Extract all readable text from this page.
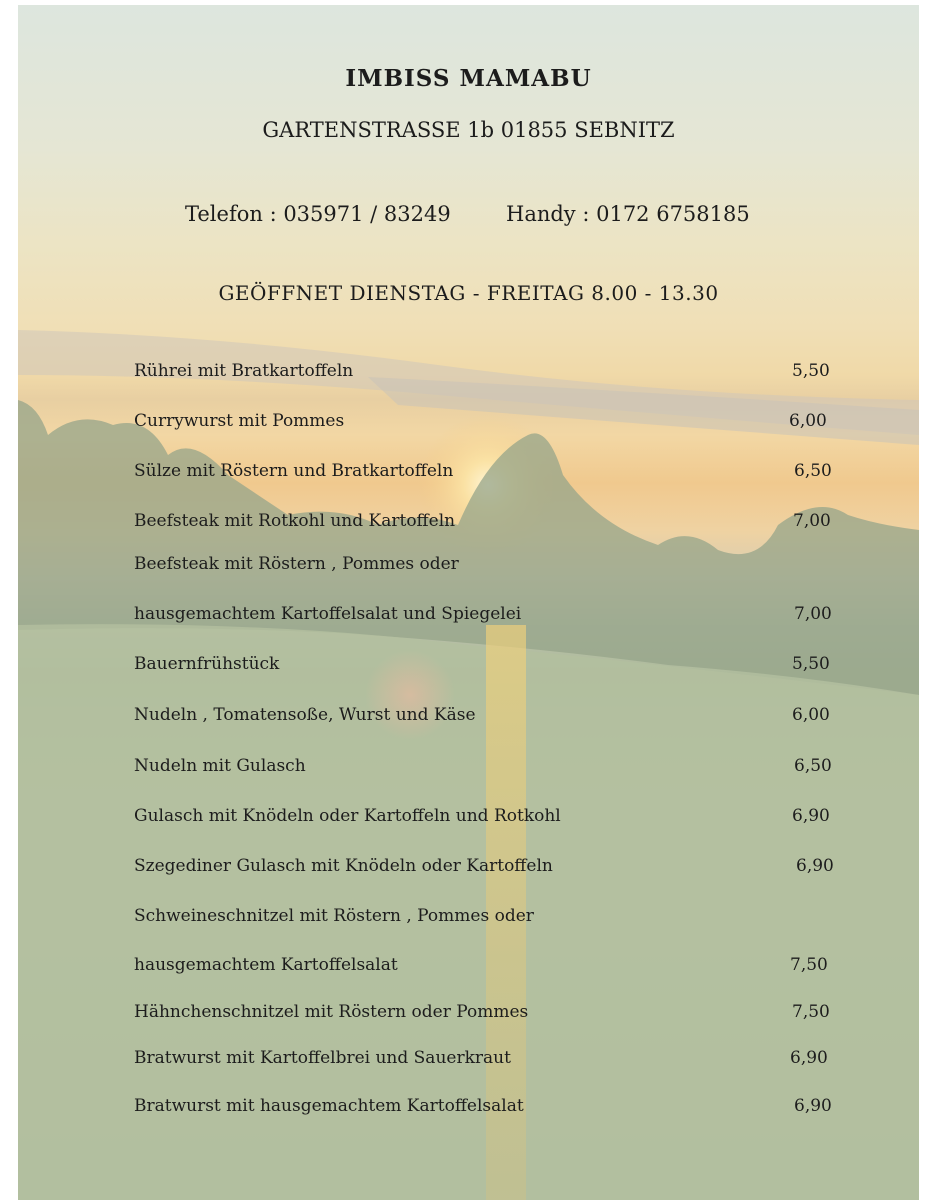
IMBISS MAMABU
GARTENSTRASSE 1b 01855 SEBNITZ
Telefon : 035971 / 83249	Handy : 0172 6758185
GEÖFFNET DIENSTAG - FREITAG 8.00 - 13.30
Rührei mit Bratkartoffeln	5,50
Currywurst mit Pommes	6,00
Sülze mit Röstern und Bratkartoffeln	6,50
Beefsteak mit Rotkohl und Kartoffeln	7,00
Beefsteak mit Röstern , Pommes oder
hausgemachtem Kartoffelsalat und Spiegelei	7,00
Bauernfrühstück	5,50
Nudeln , Tomatensoße, Wurst und Käse	6,00
Nudeln mit Gulasch	6,50
Gulasch mit Knödeln oder Kartoffeln und Rotkohl	6,90
Szegediner Gulasch mit Knödeln oder Kartoffeln	6,90
Schweineschnitzel mit Röstern , Pommes oder
hausgemachtem Kartoffelsalat	7,50
Hähnchenschnitzel mit Röstern oder Pommes	7,50
Bratwurst mit Kartoffelbrei und Sauerkraut	6,90
Bratwurst mit hausgemachtem Kartoffelsalat	6,90
